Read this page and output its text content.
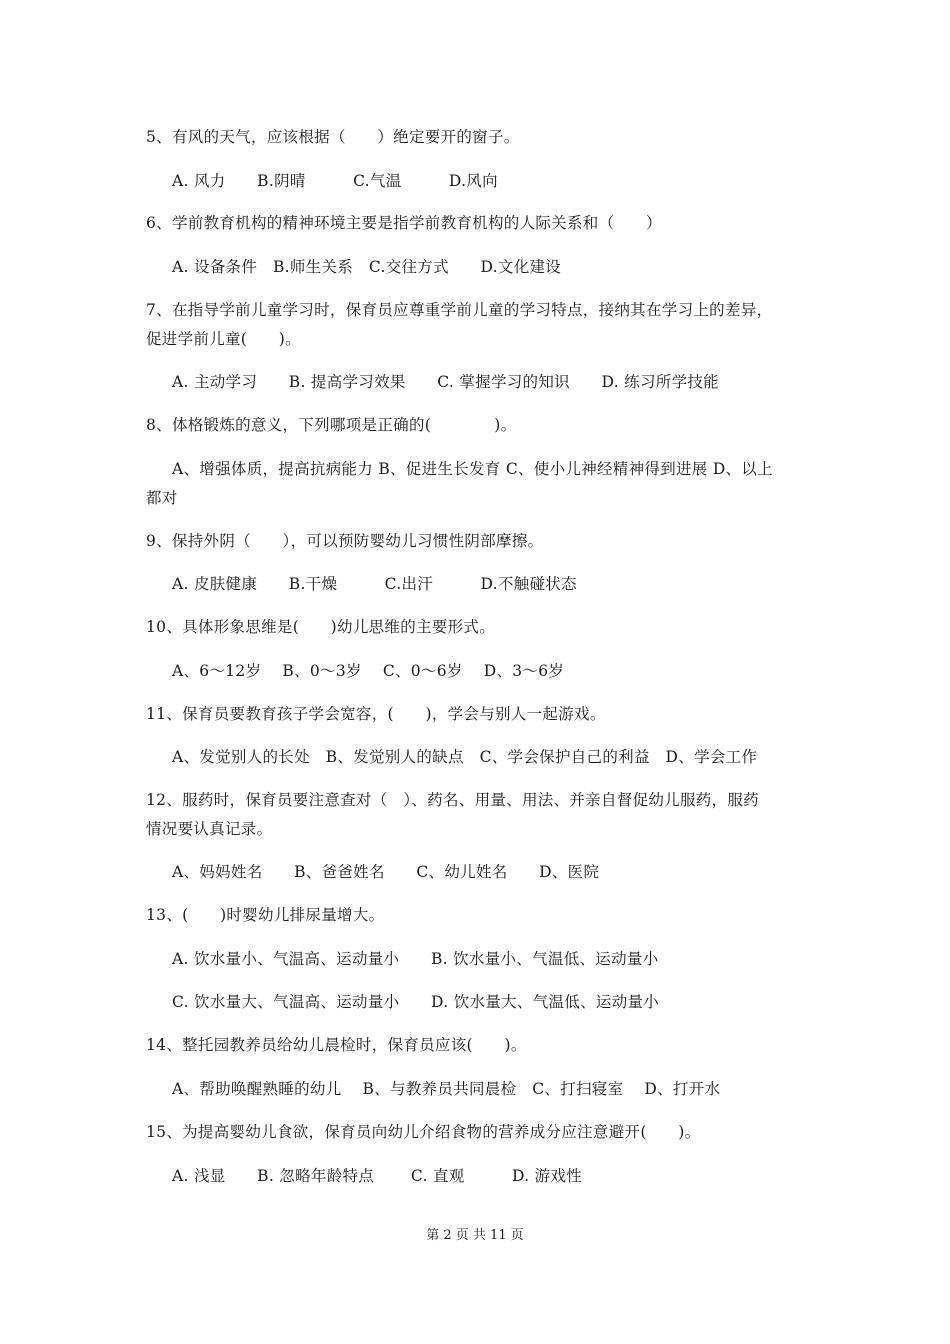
5、有风的天气，应该根据（　　）绝定要开的窗子。
A. 风力　　B.阴晴　　　C.气温　　　D.风向
6、学前教育机构的精神环境主要是指学前教育机构的人际关系和（　　）
A. 设备条件　B.师生关系　C.交往方式　　D.文化建设
7、在指导学前儿童学习时，保育员应尊重学前儿童的学习特点，接纳其在学习上的差异，
促进学前儿童(　　)。
A. 主动学习　　B. 提高学习效果　　C. 掌握学习的知识　　D. 练习所学技能
8、体格锻炼的意义，下列哪项是正确的(　　　　)。
A、增强体质，提高抗病能力 B、促进生长发育 C、使小儿神经精神得到进展 D、以上
都对
9、保持外阴（　　），可以预防婴幼儿习惯性阴部摩擦。
A. 皮肤健康　　B.干燥　　　C.出汗　　　D.不触碰状态
10、具体形象思维是(　　)幼儿思维的主要形式。
A、6～12岁　 B、0～3岁　 C、0～6岁　 D、3～6岁
11、保育员要教育孩子学会宽容，(　　)，学会与别人一起游戏。
A、发觉别人的长处　B、发觉别人的缺点　C、学会保护自己的利益　D、学会工作
12、服药时，保育员要注意查对（　）、药名、用量、用法、并亲自督促幼儿服药，服药
情况要认真记录。
A、妈妈姓名　　B、爸爸姓名　　C、幼儿姓名　　D、医院
13、(　　)时婴幼儿排尿量增大。
A. 饮水量小、气温高、运动量小　　B. 饮水量小、气温低、运动量小
C. 饮水量大、气温高、运动量小　　D. 饮水量大、气温低、运动量小
14、整托园教养员给幼儿晨检时，保育员应该(　　)。
A、帮助唤醒熟睡的幼儿　 B、与教养员共同晨检　C、打扫寝室　 D、打开水
15、为提高婴幼儿食欲，保育员向幼儿介绍食物的营养成分应注意避开(　　)。
A. 浅显　　B. 忽略年龄特点　　 C. 直观　　　D. 游戏性
第 2 页 共 11 页
